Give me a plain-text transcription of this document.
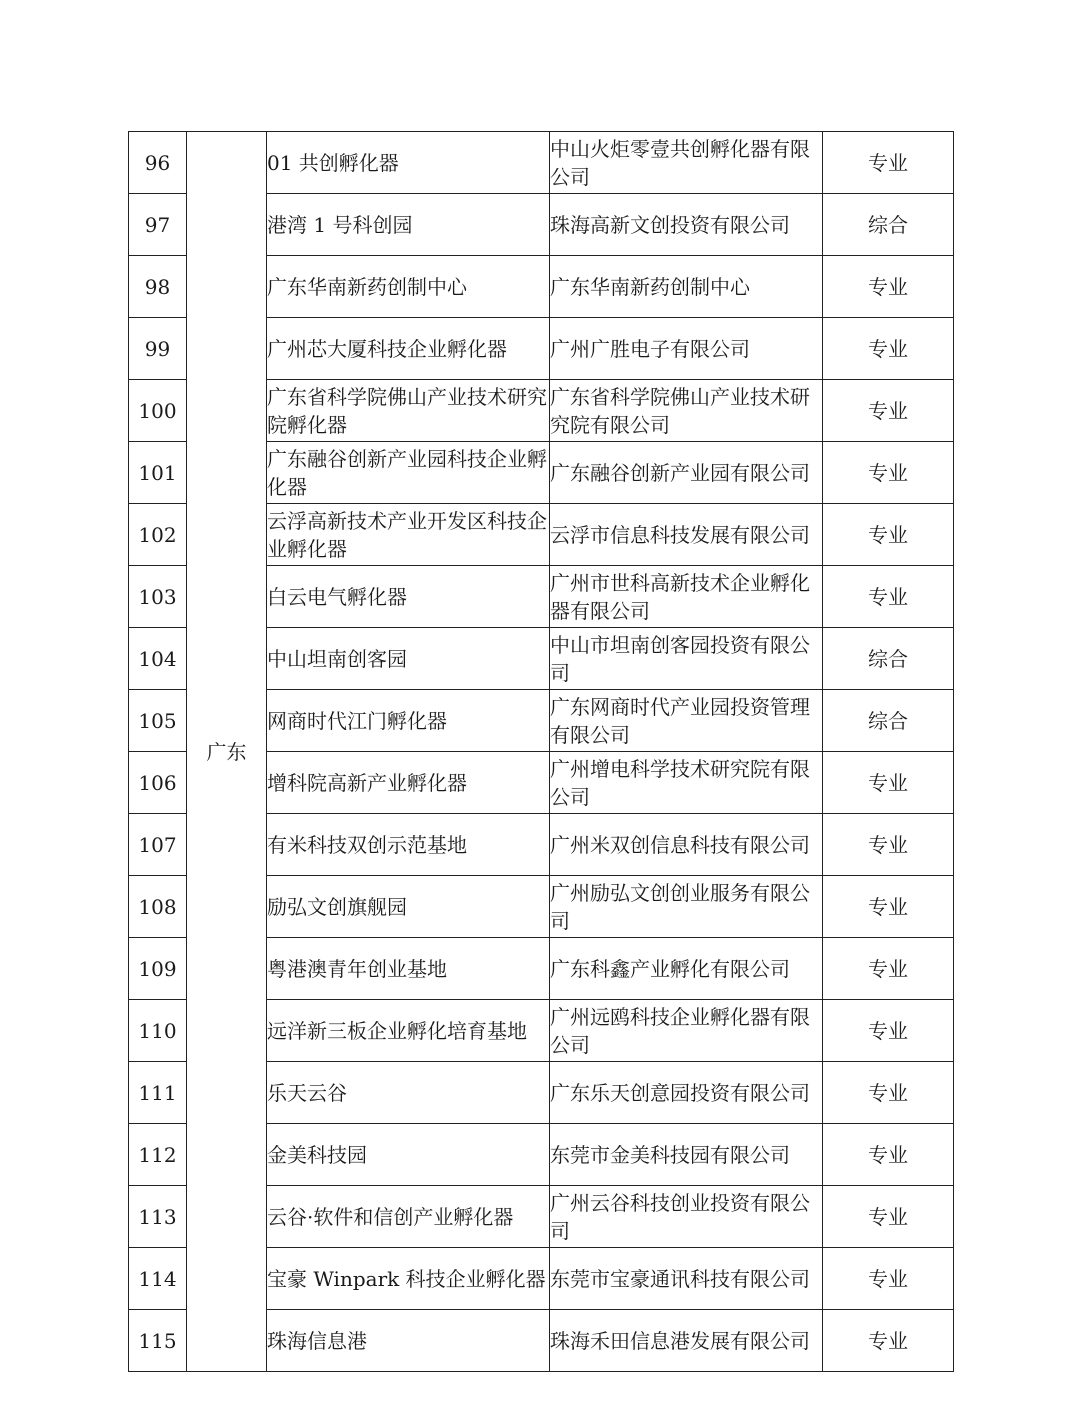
96	广东	01 共创孵化器	中山火炬零壹共创孵化器有限公司	专业
97		港湾 1 号科创园	珠海高新文创投资有限公司	综合
98		广东华南新药创制中心	广东华南新药创制中心	专业
99		广州芯大厦科技企业孵化器	广州广胜电子有限公司	专业
100		广东省科学院佛山产业技术研究院孵化器	广东省科学院佛山产业技术研究院有限公司	专业
101		广东融谷创新产业园科技企业孵化器	广东融谷创新产业园有限公司	专业
102		云浮高新技术产业开发区科技企业孵化器	云浮市信息科技发展有限公司	专业
103		白云电气孵化器	广州市世科高新技术企业孵化器有限公司	专业
104		中山坦南创客园	中山市坦南创客园投资有限公司	综合
105		网商时代江门孵化器	广东网商时代产业园投资管理有限公司	综合
106		增科院高新产业孵化器	广州增电科学技术研究院有限公司	专业
107		有米科技双创示范基地	广州米双创信息科技有限公司	专业
108		励弘文创旗舰园	广州励弘文创创业服务有限公司	专业
109		粤港澳青年创业基地	广东科鑫产业孵化有限公司	专业
110		远洋新三板企业孵化培育基地	广州远鸥科技企业孵化器有限公司	专业
111		乐天云谷	广东乐天创意园投资有限公司	专业
112		金美科技园	东莞市金美科技园有限公司	专业
113		云谷·软件和信创产业孵化器	广州云谷科技创业投资有限公司	专业
114		宝豪 Winpark 科技企业孵化器	东莞市宝豪通讯科技有限公司	专业
115		珠海信息港	珠海禾田信息港发展有限公司	专业
